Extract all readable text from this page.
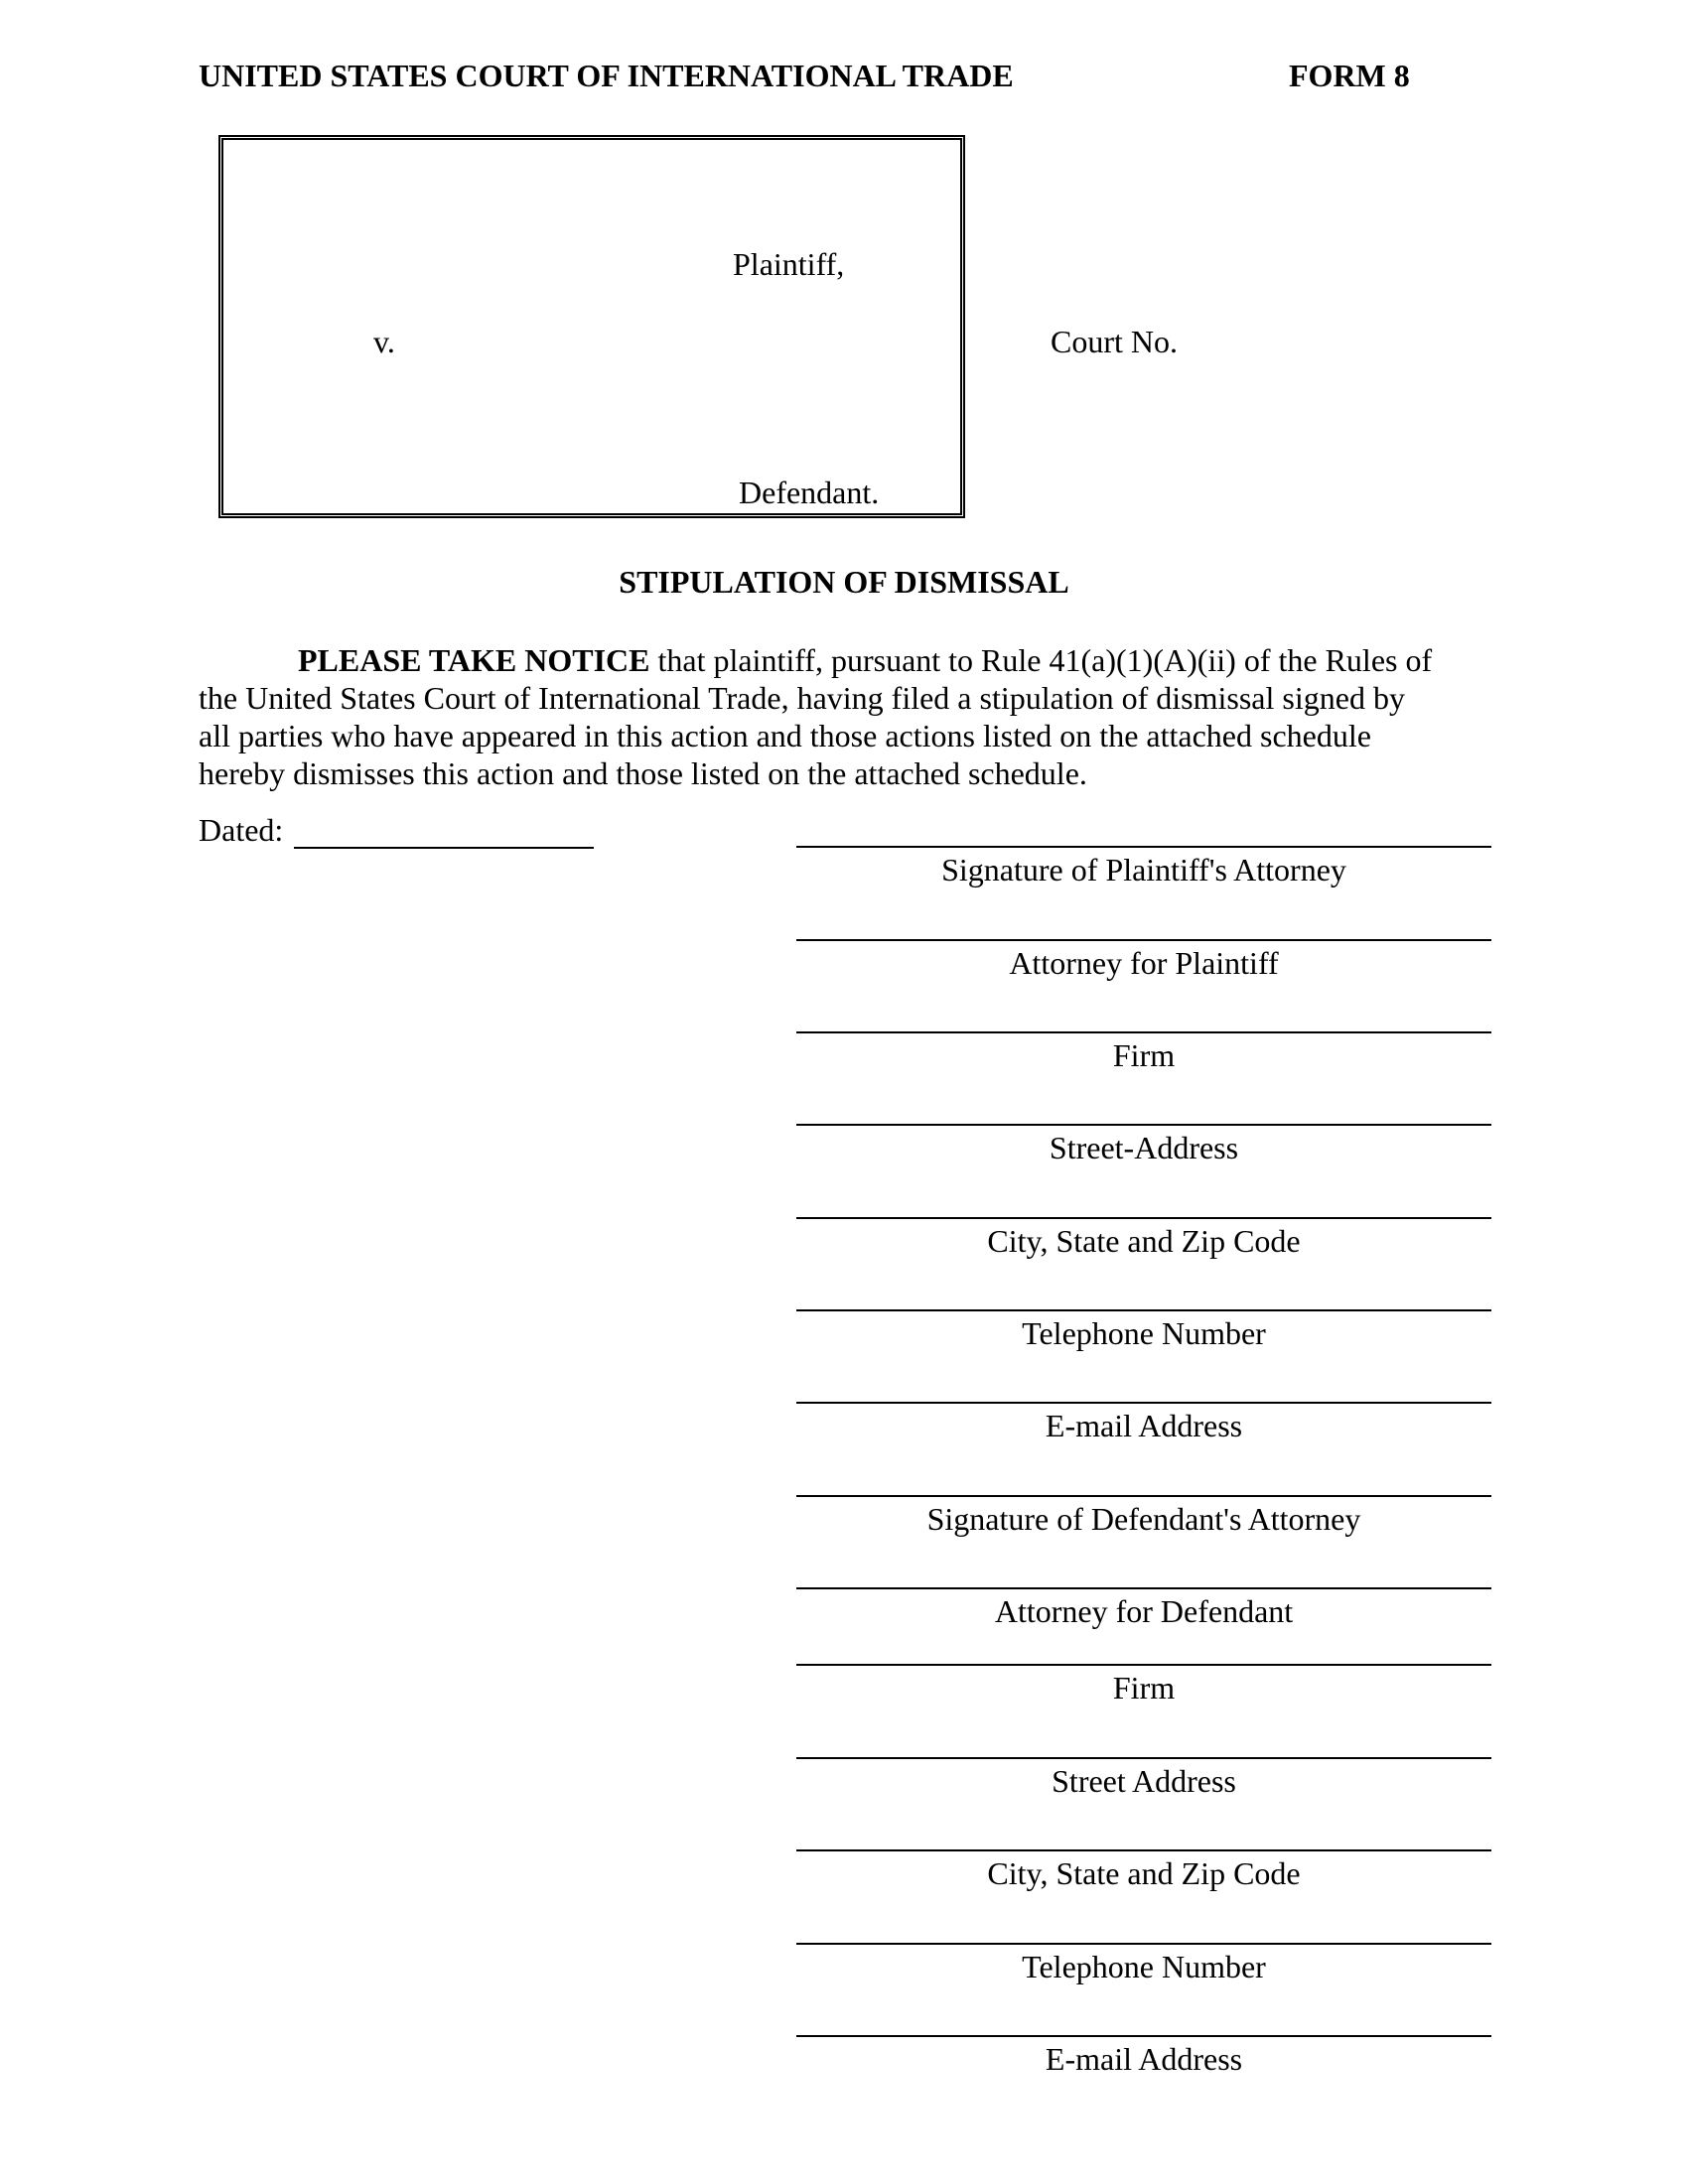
UNITED STATES COURT OF INTERNATIONAL TRADE	FORM 8
Plaintiff,
v.
Defendant.
Court No.
STIPULATION OF DISMISSAL
PLEASE TAKE NOTICE that plaintiff, pursuant to Rule 41(a)(1)(A)(ii) of the Rules of
the United States Court of International Trade, having filed a stipulation of dismissal signed by
all parties who have appeared in this action and those actions listed on the attached schedule
hereby dismisses this action and those listed on the attached schedule.
Dated:
Signature of Plaintiff's Attorney
Attorney for Plaintiff
Firm
Street-Address
City, State and Zip Code
Telephone Number
E-mail Address
Signature of Defendant's Attorney
Attorney for Defendant
Firm
Street Address
City, State and Zip Code
Telephone Number
E-mail Address
